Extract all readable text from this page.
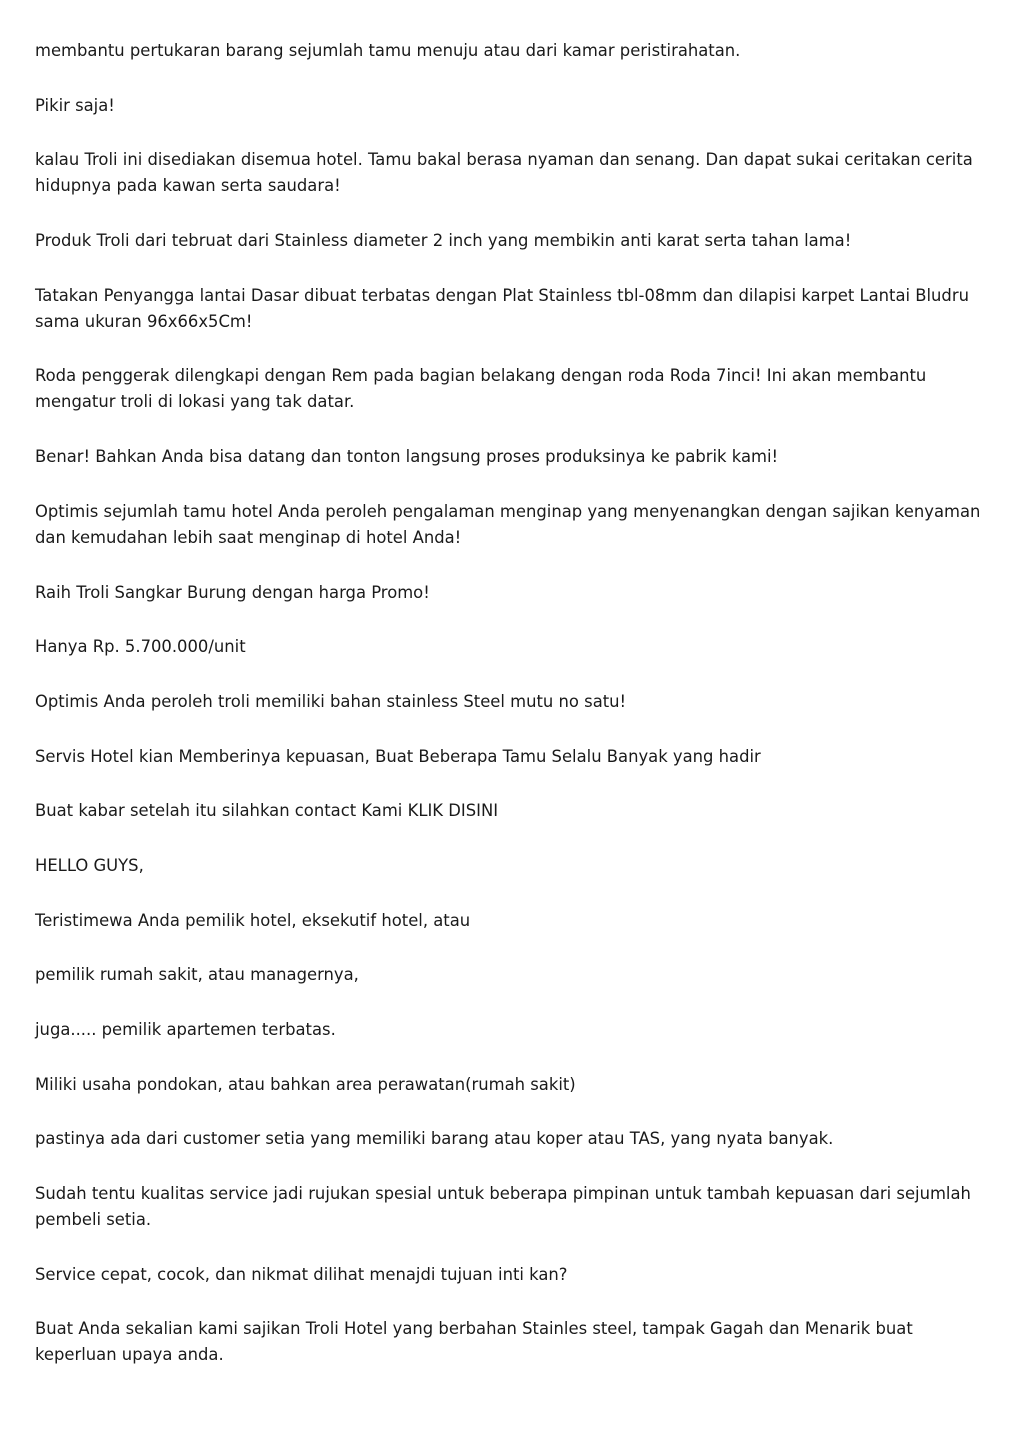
membantu pertukaran barang sejumlah tamu menuju atau dari kamar peristirahatan.

Pikir saja!

kalau Troli ini disediakan disemua hotel. Tamu bakal berasa nyaman dan senang. Dan dapat sukai ceritakan cerita hidupnya pada kawan serta saudara!

Produk Troli dari tebruat dari Stainless diameter 2 inch yang membikin anti karat serta tahan lama!

Tatakan Penyangga lantai Dasar dibuat terbatas dengan Plat Stainless tbl-08mm dan dilapisi karpet Lantai Bludru sama ukuran 96x66x5Cm!

Roda penggerak dilengkapi dengan Rem pada bagian belakang dengan roda Roda 7inci! Ini akan membantu mengatur troli di lokasi yang tak datar.

Benar! Bahkan Anda bisa datang dan tonton langsung proses produksinya ke pabrik kami!

Optimis sejumlah tamu hotel Anda peroleh pengalaman menginap yang menyenangkan dengan sajikan kenyaman dan kemudahan lebih saat menginap di hotel Anda!

Raih Troli Sangkar Burung dengan harga Promo!

Hanya Rp. 5.700.000/unit

Optimis Anda peroleh troli memiliki bahan stainless Steel mutu no satu!

Servis Hotel kian Memberinya kepuasan, Buat Beberapa Tamu Selalu Banyak yang hadir

Buat kabar setelah itu silahkan contact Kami KLIK DISINI

HELLO GUYS,

Teristimewa Anda pemilik hotel, eksekutif hotel, atau

pemilik rumah sakit, atau managernya,

juga..... pemilik apartemen terbatas.

Miliki usaha pondokan, atau bahkan area perawatan(rumah sakit)

pastinya ada dari customer setia yang memiliki barang atau koper atau TAS, yang nyata banyak.

Sudah tentu kualitas service jadi rujukan spesial untuk beberapa pimpinan untuk tambah kepuasan dari sejumlah pembeli setia.

Service cepat, cocok, dan nikmat dilihat menajdi tujuan inti kan?

Buat Anda sekalian kami sajikan Troli Hotel yang berbahan Stainles steel, tampak Gagah dan Menarik buat keperluan upaya anda.
